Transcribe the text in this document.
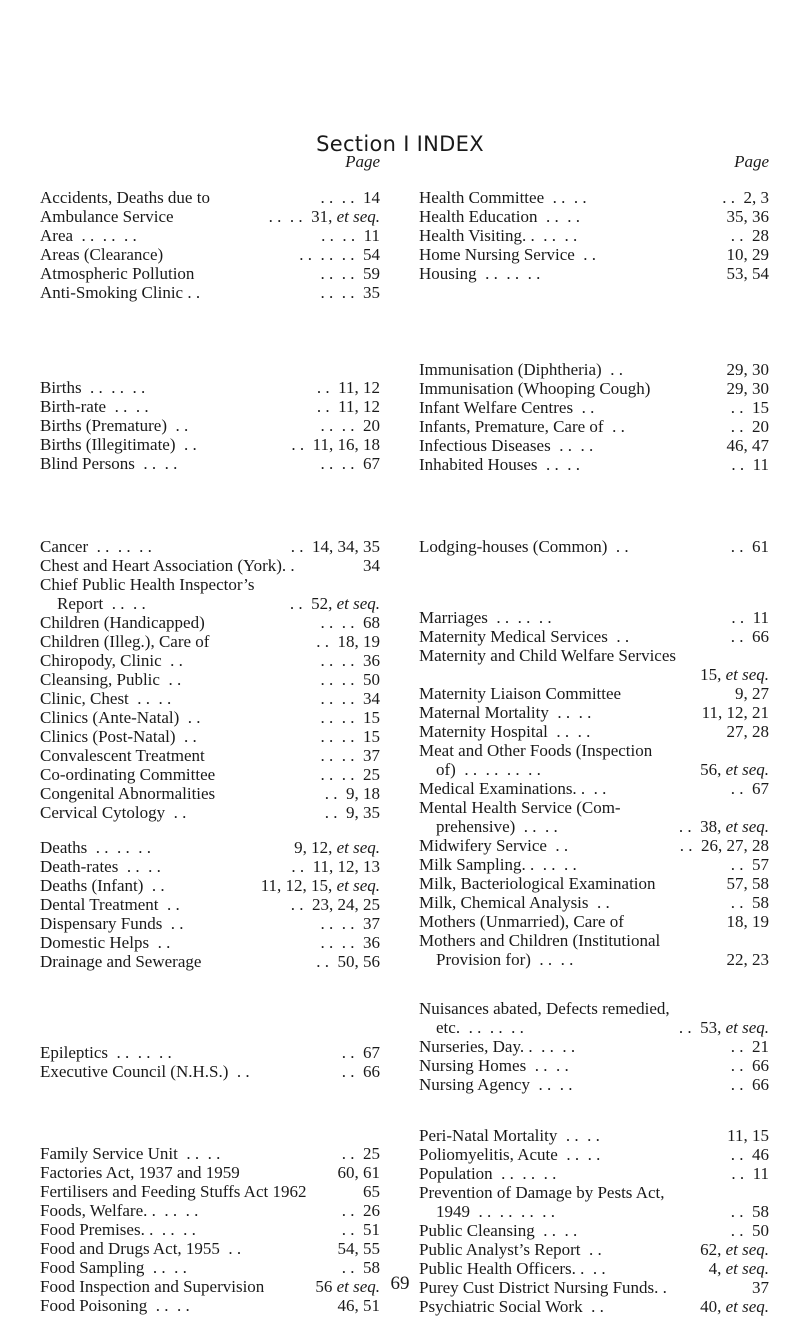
Section I INDEX
Page
Accidents, Deaths due to	. .  . .  14
Ambulance Service	. .  . .  31, et seq.
Area  . .  . .  . .	. .  . .  11
Areas (Clearance)	. .  . .  . .  54
Atmospheric Pollution	. .  . .  59
Anti-Smoking Clinic . .	. .  . .  35
Births  . .  . .  . .	. .  11, 12
Birth-rate  . .  . .	. .  11, 12
Births (Premature)  . .	. .  . .  20
Births (Illegitimate)  . .	. .  11, 16, 18
Blind Persons  . .  . .	. .  . .  67
Cancer  . .  . .  . .	. .  14, 34, 35
Chest and Heart Association (York). .	34
Chief Public Health Inspector’s
Report  . .  . .	. .  52, et seq.
Children (Handicapped)	. .  . .  68
Children (Illeg.), Care of	. .  18, 19
Chiropody, Clinic  . .	. .  . .  36
Cleansing, Public  . .	. .  . .  50
Clinic, Chest  . .  . .	. .  . .  34
Clinics (Ante-Natal)  . .	. .  . .  15
Clinics (Post-Natal)  . .	. .  . .  15
Convalescent Treatment	. .  . .  37
Co-ordinating Committee	. .  . .  25
Congenital Abnormalities	. .  9, 18
Cervical Cytology  . .	. .  9, 35
Deaths  . .  . .  . .	9, 12, et seq.
Death-rates  . .  . .	. .  11, 12, 13
Deaths (Infant)  . .	11, 12, 15, et seq.
Dental Treatment  . .	. .  23, 24, 25
Dispensary Funds  . .	. .  . .  37
Domestic Helps  . .	. .  . .  36
Drainage and Sewerage	. .  50, 56
Epileptics  . .  . .  . .	. .  67
Executive Council (N.H.S.)  . .	. .  66
Family Service Unit  . .  . .	. .  25
Factories Act, 1937 and 1959	60, 61
Fertilisers and Feeding Stuffs Act 1962	65
Foods, Welfare. .  . .  . .	. .  26
Food Premises. .  . .  . .	. .  51
Food and Drugs Act, 1955  . .	54, 55
Food Sampling  . .  . .	. .  58
Food Inspection and Supervision	56 et seq.
Food Poisoning  . .  . .	46, 51
Page
Health Committee  . .  . .	. .  2, 3
Health Education  . .  . .	35, 36
Health Visiting. .  . .  . .	. .  28
Home Nursing Service  . .	10, 29
Housing  . .  . .  . .	53, 54
Immunisation (Diphtheria)  . .	29, 30
Immunisation (Whooping Cough)	29, 30
Infant Welfare Centres  . .	. .  15
Infants, Premature, Care of  . .	. .  20
Infectious Diseases  . .  . .	46, 47
Inhabited Houses  . .  . .	. .  11
Lodging-houses (Common)  . .	. .  61
Marriages  . .  . .  . .	. .  11
Maternity Medical Services  . .	. .  66
Maternity and Child Welfare Services
15, et seq.
Maternity Liaison Committee	9, 27
Maternal Mortality  . .  . .	11, 12, 21
Maternity Hospital  . .  . .	27, 28
Meat and Other Foods (Inspection
of)  . .  . .  . .  . .	56, et seq.
Medical Examinations. .  . .	. .  67
Mental Health Service (Com-
prehensive)  . .  . .	. .  38, et seq.
Midwifery Service  . .	. .  26, 27, 28
Milk Sampling. .  . .  . .	. .  57
Milk, Bacteriological Examination	57, 58
Milk, Chemical Analysis  . .	. .  58
Mothers (Unmarried), Care of	18, 19
Mothers and Children (Institutional
Provision for)  . .  . .	22, 23
Nuisances abated, Defects remedied,
etc.  . .  . .  . .	. .  53, et seq.
Nurseries, Day. .  . .  . .	. .  21
Nursing Homes  . .  . .	. .  66
Nursing Agency  . .  . .	. .  66
Peri-Natal Mortality  . .  . .	11, 15
Poliomyelitis, Acute  . .  . .	. .  46
Population  . .  . .  . .	. .  11
Prevention of Damage by Pests Act,
1949  . .  . .  . .  . .	. .  58
Public Cleansing  . .  . .	. .  50
Public Analyst’s Report  . .	62, et seq.
Public Health Officers. .  . .	4, et seq.
Purey Cust District Nursing Funds. .	37
Psychiatric Social Work  . .	40, et seq.
69
